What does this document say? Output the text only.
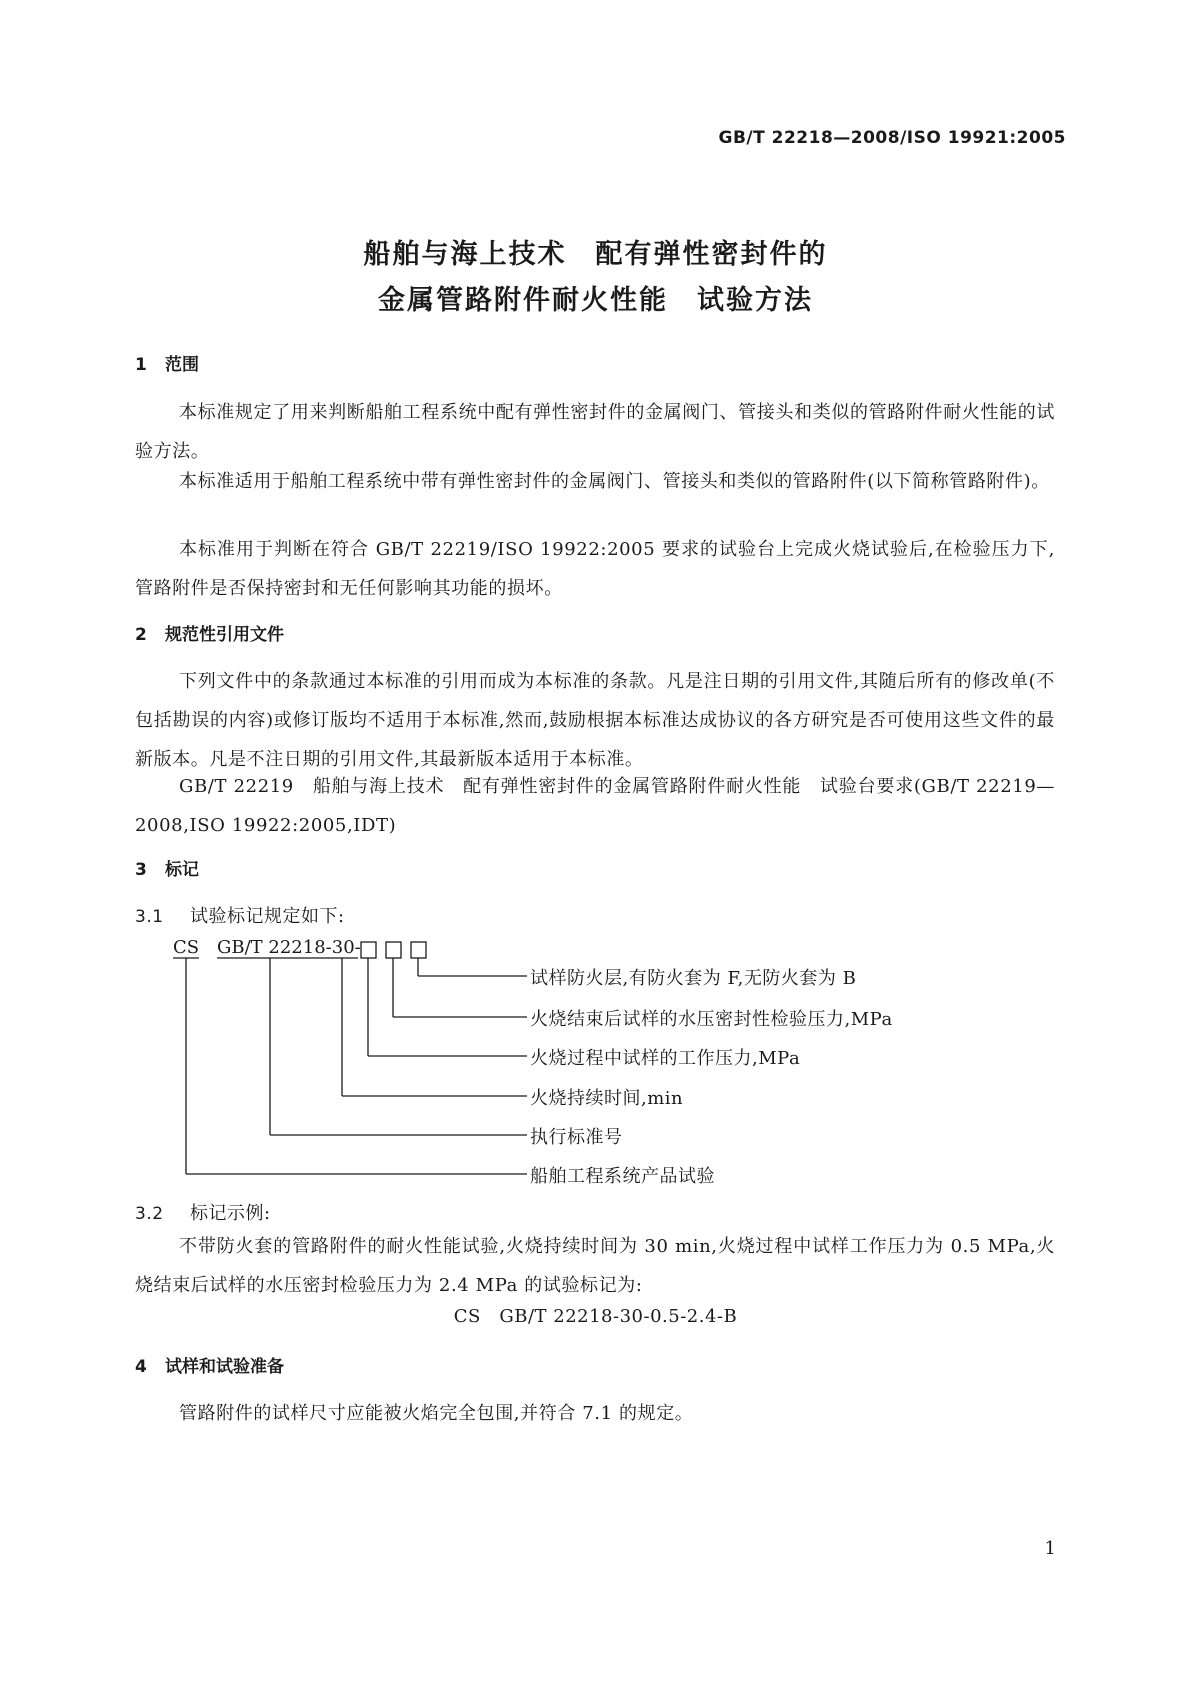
GB/T 22218—2008/ISO 19921:2005
船舶与海上技术　配有弹性密封件的
金属管路附件耐火性能　试验方法
1 范围
本标准规定了用来判断船舶工程系统中配有弹性密封件的金属阀门、管接头和类似的管路附件耐火性能的试验方法。
本标准适用于船舶工程系统中带有弹性密封件的金属阀门、管接头和类似的管路附件(以下简称管路附件)。
本标准用于判断在符合 GB/T 22219/ISO 19922:2005 要求的试验台上完成火烧试验后,在检验压力下,管路附件是否保持密封和无任何影响其功能的损坏。
2 规范性引用文件
下列文件中的条款通过本标准的引用而成为本标准的条款。凡是注日期的引用文件,其随后所有的修改单(不包括勘误的内容)或修订版均不适用于本标准,然而,鼓励根据本标准达成协议的各方研究是否可使用这些文件的最新版本。凡是不注日期的引用文件,其最新版本适用于本标准。
GB/T 22219　船舶与海上技术　配有弹性密封件的金属管路附件耐火性能　试验台要求(GB/T 22219—2008,ISO 19922:2005,IDT)
3 标记
3.1 试验标记规定如下:
CS GB/T 22218-30-
试样防火层,有防火套为 F,无防火套为 B
火烧结束后试样的水压密封性检验压力,MPa
火烧过程中试样的工作压力,MPa
火烧持续时间,min
执行标准号
船舶工程系统产品试验
3.2 标记示例:
不带防火套的管路附件的耐火性能试验,火烧持续时间为 30 min,火烧过程中试样工作压力为 0.5 MPa,火烧结束后试样的水压密封检验压力为 2.4 MPa 的试验标记为:
CS　GB/T 22218-30-0.5-2.4-B
4 试样和试验准备
管路附件的试样尺寸应能被火焰完全包围,并符合 7.1 的规定。
1
